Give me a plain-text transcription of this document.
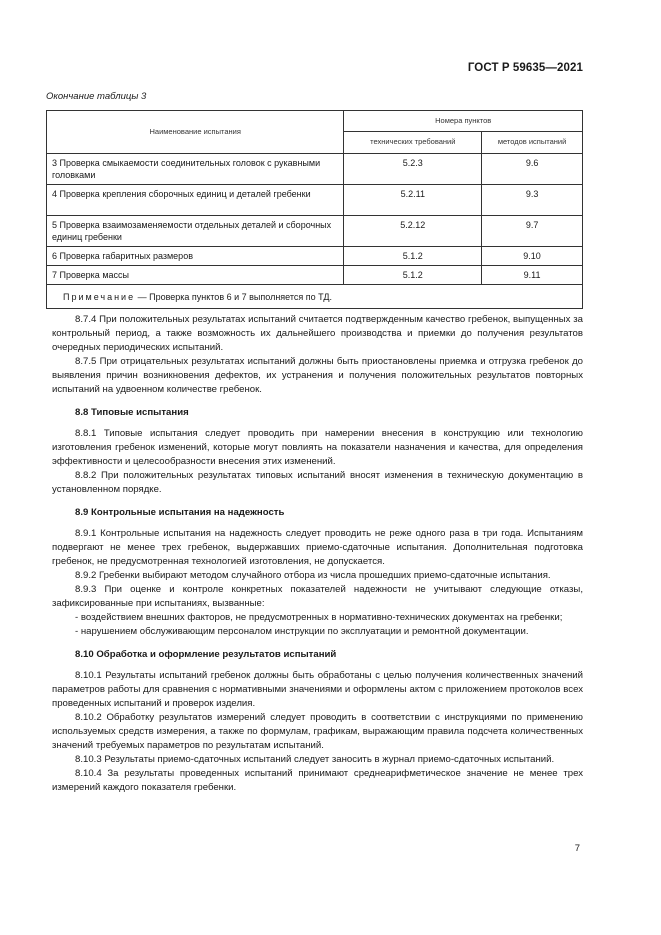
ГОСТ Р 59635—2021
Окончание таблицы 3
Наименование испытания	Номера пунктов	
	технических требований	методов испытаний
3 Проверка смыкаемости соединительных головок с рукавными головками	5.2.3	9.6
4 Проверка крепления сборочных единиц и деталей гребенки	5.2.11	9.3
5 Проверка взаимозаменяемости отдельных деталей и сборочных единиц гребенки	5.2.12	9.7
6 Проверка габаритных размеров	5.1.2	9.10
7 Проверка массы	5.1.2	9.11
Примечание — Проверка пунктов 6 и 7 выполняется по ТД.		

8.7.4 При положительных результатах испытаний считается подтвержденным качество гребенок, выпущенных за контрольный период, а также возможность их дальнейшего производства и приемки до получения результатов очередных периодических испытаний.

8.7.5 При отрицательных результатах испытаний должны быть приостановлены приемка и отгрузка гребенок до выявления причин возникновения дефектов, их устранения и получения положительных результатов повторных испытаний на удвоенном количестве гребенок.

8.8 Типовые испытания

8.8.1 Типовые испытания следует проводить при намерении внесения в конструкцию или технологию изготовления гребенок изменений, которые могут повлиять на показатели назначения и качества, для определения эффективности и целесообразности внесения этих изменений.

8.8.2 При положительных результатах типовых испытаний вносят изменения в техническую документацию в установленном порядке.

8.9 Контрольные испытания на надежность

8.9.1 Контрольные испытания на надежность следует проводить не реже одного раза в три года. Испытаниям подвергают не менее трех гребенок, выдержавших приемо-сдаточные испытания. Дополнительная подготовка гребенок, не предусмотренная технологией изготовления, не допускается.

8.9.2 Гребенки выбирают методом случайного отбора из числа прошедших приемо-сдаточные испытания.

8.9.3 При оценке и контроле конкретных показателей надежности не учитывают следующие отказы, зафиксированные при испытаниях, вызванные:

- воздействием внешних факторов, не предусмотренных в нормативно-технических документах на гребенки;

- нарушением обслуживающим персоналом инструкции по эксплуатации и ремонтной документации.

8.10 Обработка и оформление результатов испытаний

8.10.1 Результаты испытаний гребенок должны быть обработаны с целью получения количественных значений параметров работы для сравнения с нормативными значениями и оформлены актом с приложением протоколов всех проведенных испытаний и проверок изделия.

8.10.2 Обработку результатов измерений следует проводить в соответствии с инструкциями по применению используемых средств измерения, а также по формулам, графикам, выражающим правила подсчета количественных значений требуемых параметров по результатам испытаний.

8.10.3 Результаты приемо-сдаточных испытаний следует заносить в журнал приемо-сдаточных испытаний.

8.10.4 За результаты проведенных испытаний принимают среднеарифметическое значение не менее трех измерений каждого показателя гребенки.

7
